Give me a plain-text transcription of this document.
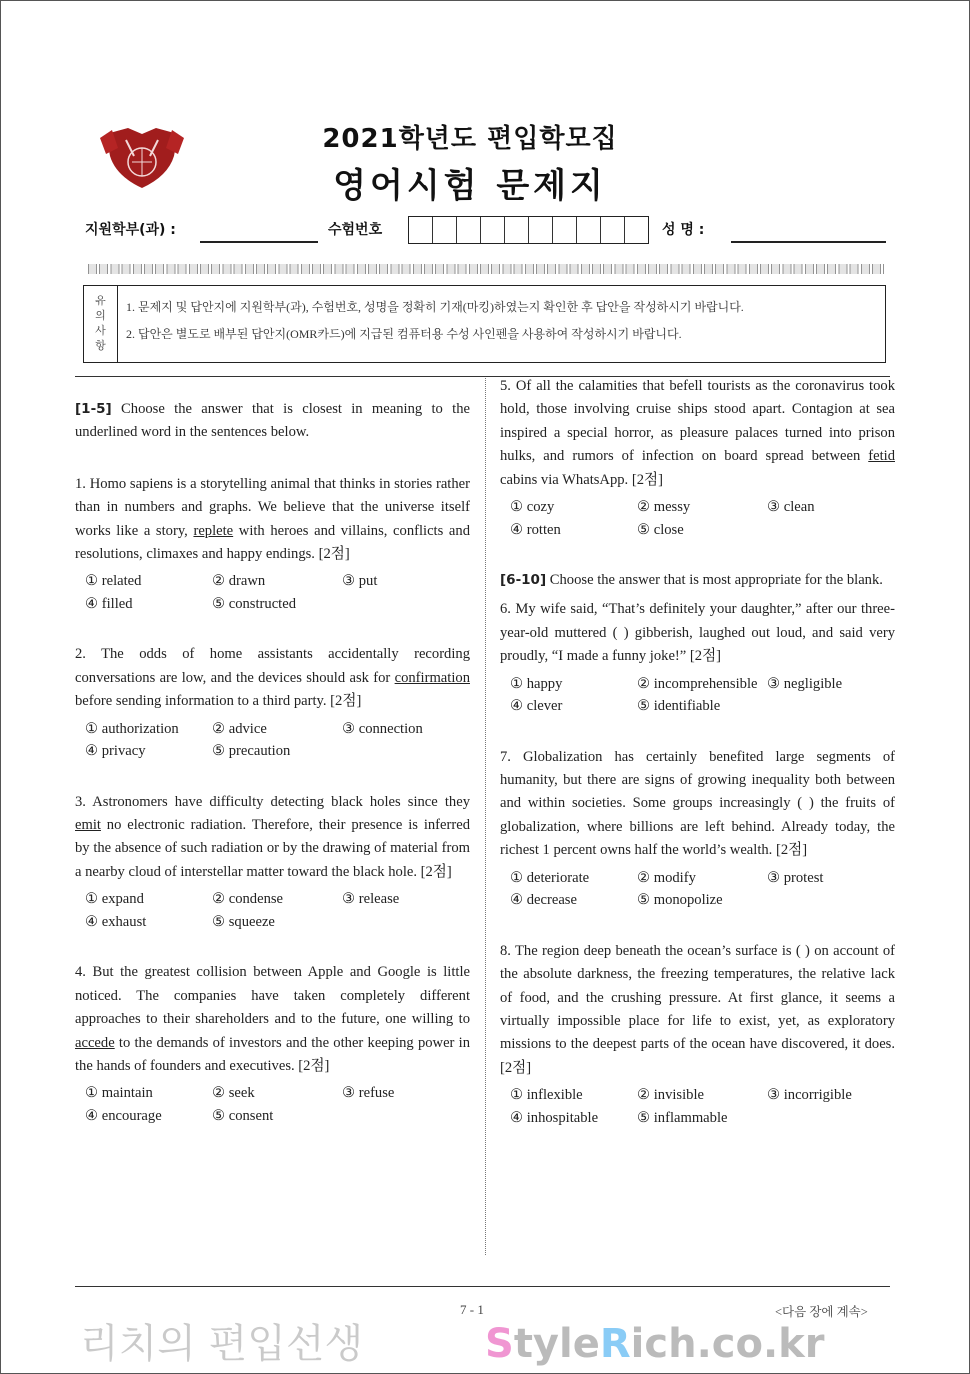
2021학년도 편입학모집
영어시험 문제지
지원학부(과) :	수험번호	성 명 :
유
의
사
항
1. 문제지 및 답안지에 지원학부(과), 수험번호, 성명을 정확히 기재(마킹)하였는지 확인한 후 답안을 작성하시기 바랍니다.
2. 답안은 별도로 배부된 답안지(OMR카드)에 지급된 컴퓨터용 수성 사인펜을 사용하여 작성하시기 바랍니다.
[1-5] Choose the answer that is closest in meaning to the underlined word in the sentences below.
1. Homo sapiens is a storytelling animal that thinks in stories rather than in numbers and graphs. We believe that the universe itself works like a story, replete with heroes and villains, conflicts and resolutions, climaxes and happy endings. [2점]
① related	② drawn	③ put
④ filled	⑤ constructed
2. The odds of home assistants accidentally recording conversations are low, and the devices should ask for confirmation before sending information to a third party. [2점]
① authorization	② advice	③ connection
④ privacy	⑤ precaution
3. Astronomers have difficulty detecting black holes since they emit no electronic radiation. Therefore, their presence is inferred by the absence of such radiation or by the drawing of material from a nearby cloud of interstellar matter toward the black hole. [2점]
① expand	② condense	③ release
④ exhaust	⑤ squeeze
4. But the greatest collision between Apple and Google is little noticed. The companies have taken completely different approaches to their shareholders and to the future, one willing to accede to the demands of investors and the other keeping power in the hands of founders and executives. [2점]
① maintain	② seek	③ refuse
④ encourage	⑤ consent
5. Of all the calamities that befell tourists as the coronavirus took hold, those involving cruise ships stood apart. Contagion at sea inspired a special horror, as pleasure palaces turned into prison hulks, and rumors of infection on board spread between fetid cabins via WhatsApp. [2점]
① cozy	② messy	③ clean
④ rotten	⑤ close
[6-10] Choose the answer that is most appropriate for the blank.
6. My wife said, “That’s definitely your daughter,” after our three-year-old muttered ( ) gibberish, laughed out loud, and said very proudly, “I made a funny joke!” [2점]
① happy	② incomprehensible ③ negligible
④ clever	⑤ identifiable
7. Globalization has certainly benefited large segments of humanity, but there are signs of growing inequality both between and within societies. Some groups increasingly ( ) the fruits of globalization, where billions are left behind. Already today, the richest 1 percent owns half the world’s wealth. [2점]
① deteriorate	② modify	③ protest
④ decrease	⑤ monopolize
8. The region deep beneath the ocean’s surface is ( ) on account of the absolute darkness, the freezing temperatures, the relative lack of food, and the crushing pressure. At first glance, it seems a virtually impossible place for life to exist, yet, as exploratory missions to the deepest parts of the ocean have discovered, it does. [2점]
① inflexible	② invisible	③ incorrigible
④ inhospitable	⑤ inflammable
리치의 편입선생	StyleRich.co.kr
7 - 1	<다음 장에 계속>
